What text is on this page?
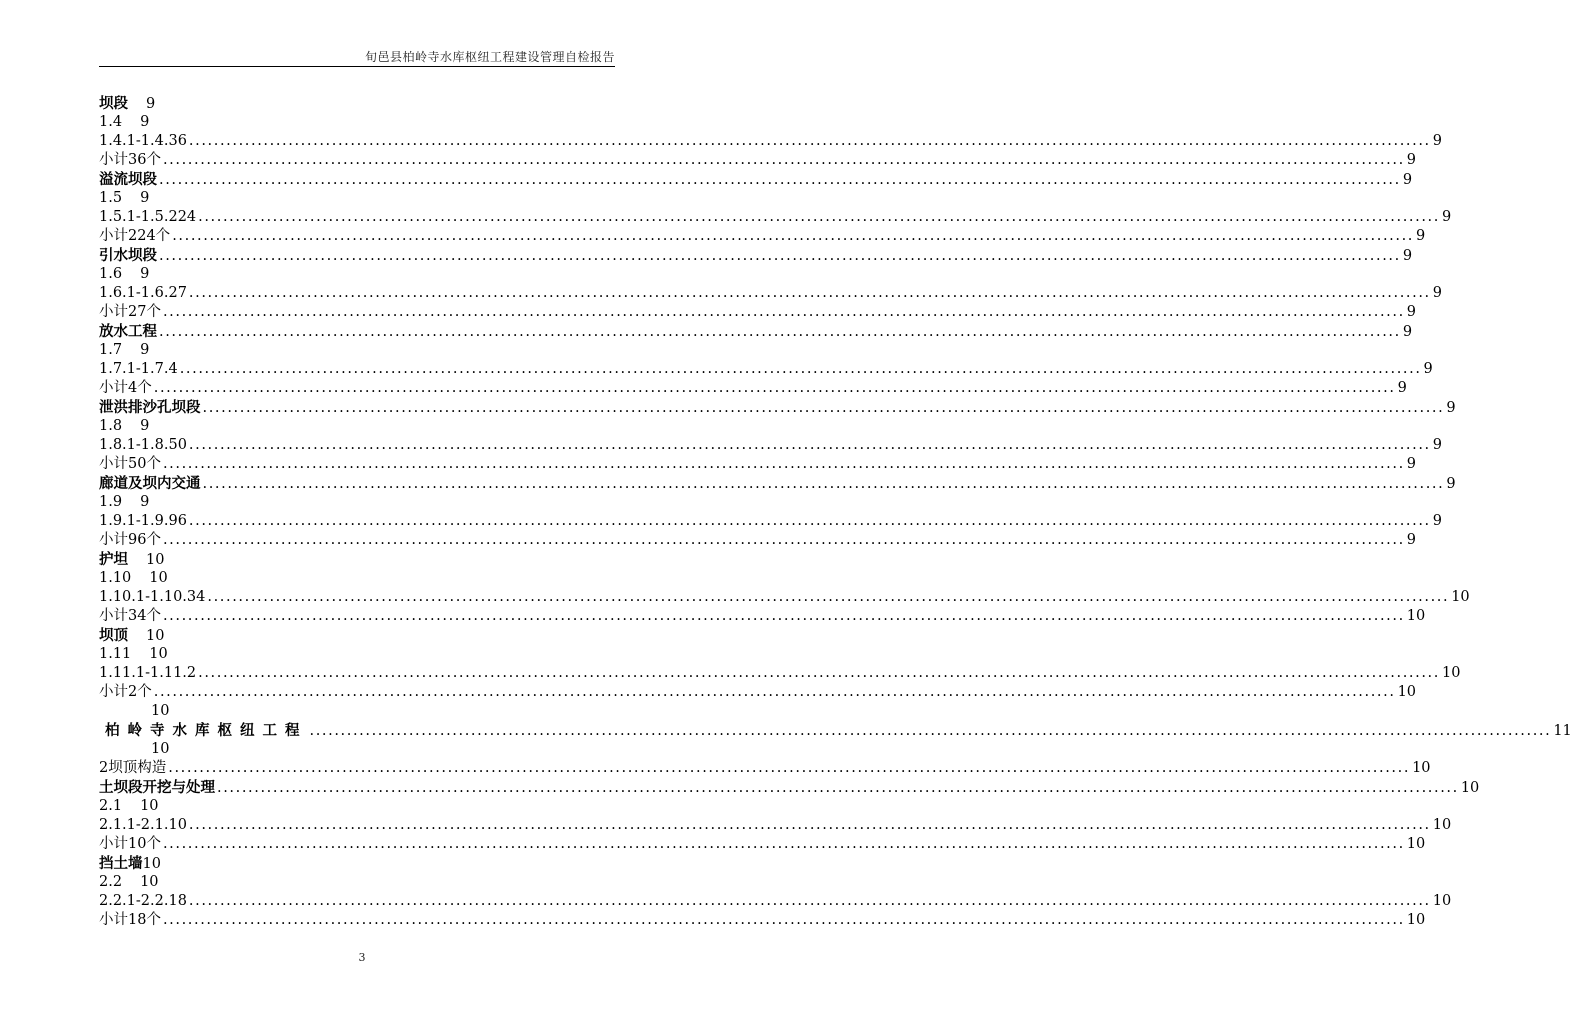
旬邑县柏岭寺水库枢纽工程建设管理自检报告
坝段 9
1.4 9
1.4.1-1.4.36 ........................................................................................................................................................................................................ 9
小计36个 ........................................................................................................................................................................................................ 9
溢流坝段 ........................................................................................................................................................................................................ 9
1.5 9
1.5.1-1.5.224 ........................................................................................................................................................................................................ 9
小计224个 ........................................................................................................................................................................................................ 9
引水坝段 ........................................................................................................................................................................................................ 9
1.6 9
1.6.1-1.6.27 ........................................................................................................................................................................................................ 9
小计27个 ........................................................................................................................................................................................................ 9
放水工程 ........................................................................................................................................................................................................ 9
1.7 9
1.7.1-1.7.4 ........................................................................................................................................................................................................ 9
小计4个 ........................................................................................................................................................................................................ 9
泄洪排沙孔坝段 ........................................................................................................................................................................................................ 9
1.8 9
1.8.1-1.8.50 ........................................................................................................................................................................................................ 9
小计50个 ........................................................................................................................................................................................................ 9
廊道及坝内交通 ........................................................................................................................................................................................................ 9
1.9 9
1.9.1-1.9.96 ........................................................................................................................................................................................................ 9
小计96个 ........................................................................................................................................................................................................ 9
护坦 10
1.10 10
1.10.1-1.10.34 ........................................................................................................................................................................................................ 10
小计34个 ........................................................................................................................................................................................................ 10
坝顶 10
1.11 10
1.11.1-1.11.2 ........................................................................................................................................................................................................ 10
小计2个 ........................................................................................................................................................................................................ 10
10
柏岭寺水库枢纽工程 ........................................................................................................................................................................................................ 11
10
2坝顶构造 ........................................................................................................................................................................................................ 10
土坝段开挖与处理 ........................................................................................................................................................................................................ 10
2.1 10
2.1.1-2.1.10 ........................................................................................................................................................................................................ 10
小计10个 ........................................................................................................................................................................................................ 10
挡土墙 10
2.2 10
2.2.1-2.2.18 ........................................................................................................................................................................................................ 10
小计18个 ........................................................................................................................................................................................................ 10
3
